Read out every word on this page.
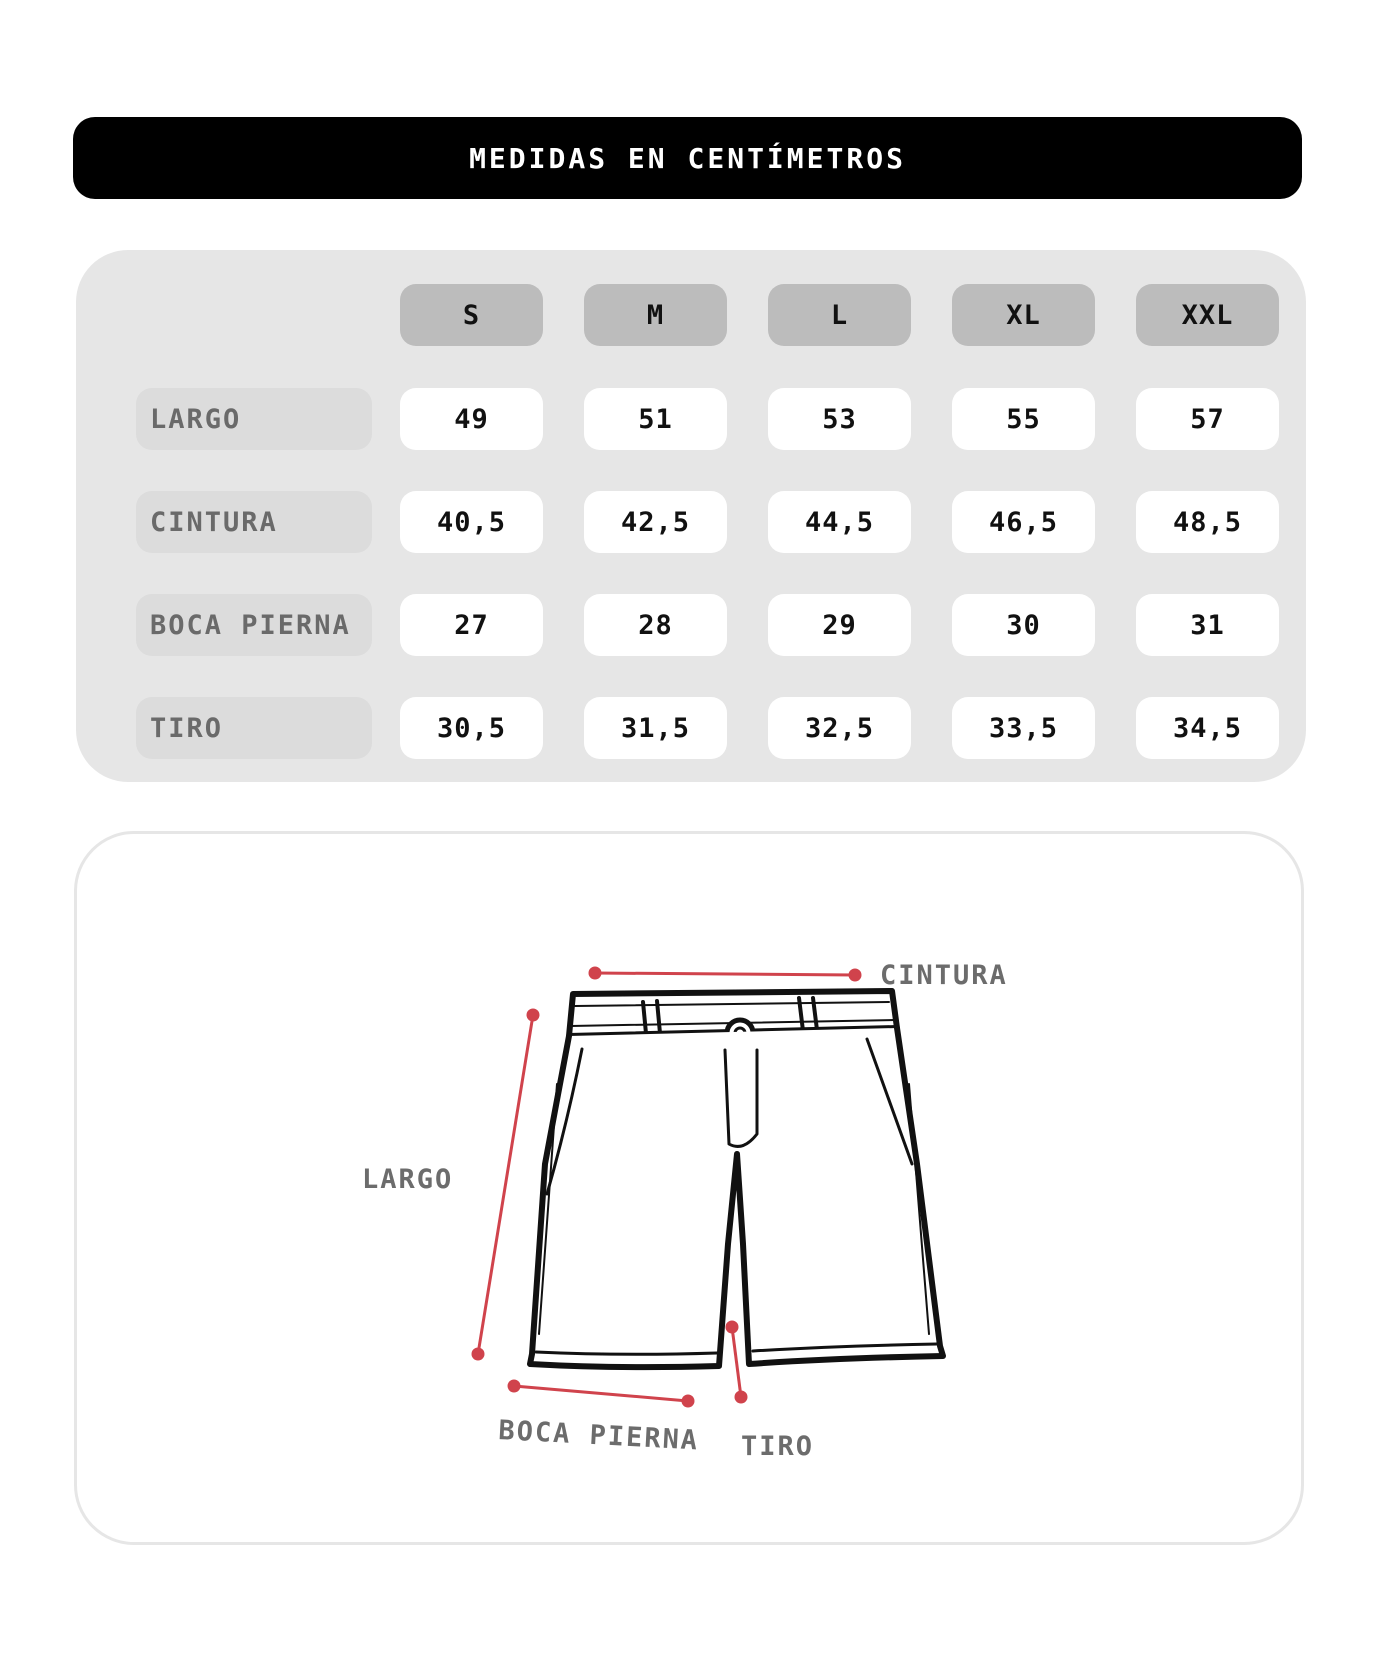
MEDIDAS EN CENTÍMETROS
S	M	L	XL	XXL
LARGO	49	51	53	55	57
CINTURA	40,5	42,5	44,5	46,5	48,5
BOCA PIERNA	27	28	29	30	31
TIRO	30,5	31,5	32,5	33,5	34,5
CINTURA
LARGO
BOCA PIERNA TIRO
